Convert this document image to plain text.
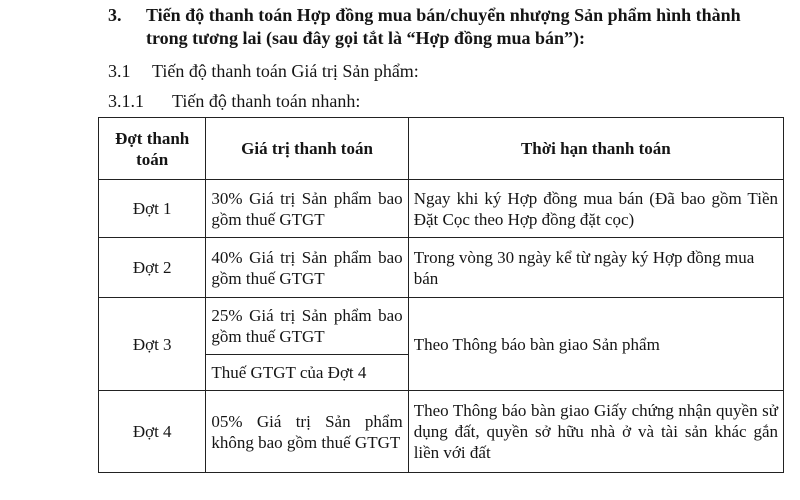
3. Tiến độ thanh toán Hợp đồng mua bán/chuyển nhượng Sản phẩm hình thành trong tương lai (sau đây gọi tắt là “Hợp đồng mua bán”):
3.1 Tiến độ thanh toán Giá trị Sản phẩm:
3.1.1 Tiến độ thanh toán nhanh:
Đợt thanh toán	Giá trị thanh toán	Thời hạn thanh toán
Đợt 1	30% Giá trị Sản phẩm bao gồm thuế GTGT	Ngay khi ký Hợp đồng mua bán (Đã bao gồm Tiền Đặt Cọc theo Hợp đồng đặt cọc)
Đợt 2	40% Giá trị Sản phẩm bao gồm thuế GTGT	Trong vòng 30 ngày kể từ ngày ký Hợp đồng mua bán
Đợt 3	25% Giá trị Sản phẩm bao gồm thuế GTGT	Theo Thông báo bàn giao Sản phẩm
	Thuế GTGT của Đợt 4	
Đợt 4	05% Giá trị Sản phẩm không bao gồm thuế GTGT	Theo Thông báo bàn giao Giấy chứng nhận quyền sử dụng đất, quyền sở hữu nhà ở và tài sản khác gắn liền với đất
